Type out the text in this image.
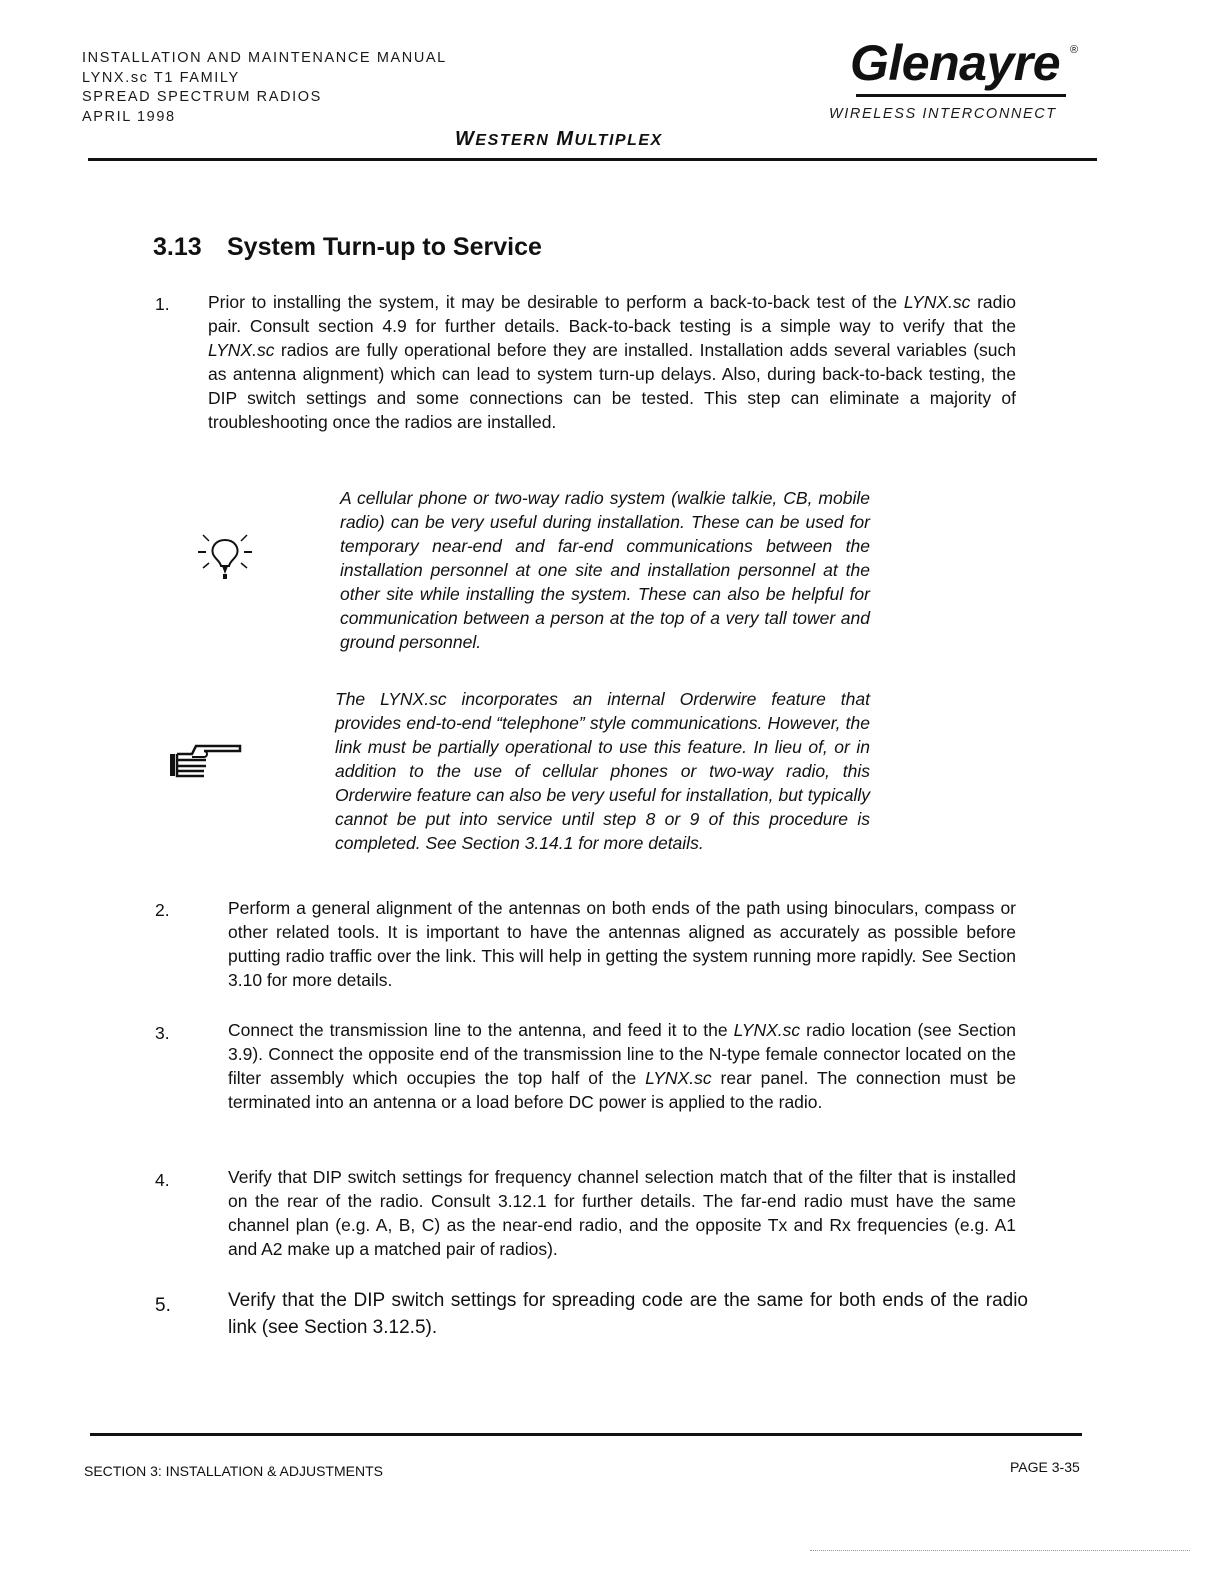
INSTALLATION AND MAINTENANCE MANUAL
LYNX.sc T1 FAMILY
SPREAD SPECTRUM RADIOS
APRIL 1998
Glenayre ®
WIRELESS INTERCONNECT
WESTERN MULTIPLEX
3.13 System Turn-up to Service
1. Prior to installing the system, it may be desirable to perform a back-to-back test of the LYNX.sc radio pair. Consult section 4.9 for further details. Back-to-back testing is a simple way to verify that the LYNX.sc radios are fully operational before they are installed. Installation adds several variables (such as antenna alignment) which can lead to system turn-up delays. Also, during back-to-back testing, the DIP switch settings and some connections can be tested. This step can eliminate a majority of troubleshooting once the radios are installed.
A cellular phone or two-way radio system (walkie talkie, CB, mobile radio) can be very useful during installation. These can be used for temporary near-end and far-end communications between the installation personnel at one site and installation personnel at the other site while installing the system. These can also be helpful for communication between a person at the top of a very tall tower and ground personnel.
The LYNX.sc incorporates an internal Orderwire feature that provides end-to-end “telephone” style communications. However, the link must be partially operational to use this feature. In lieu of, or in addition to the use of cellular phones or two-way radio, this Orderwire feature can also be very useful for installation, but typically cannot be put into service until step 8 or 9 of this procedure is completed. See Section 3.14.1 for more details.
2.	Perform a general alignment of the antennas on both ends of the path using binoculars, compass or other related tools. It is important to have the antennas aligned as accurately as possible before putting radio traffic over the link. This will help in getting the system running more rapidly. See Section 3.10 for more details.
3.	Connect the transmission line to the antenna, and feed it to the LYNX.sc radio location (see Section 3.9). Connect the opposite end of the transmission line to the N-type female connector located on the filter assembly which occupies the top half of the LYNX.sc rear panel. The connection must be terminated into an antenna or a load before DC power is applied to the radio.
4.	Verify that DIP switch settings for frequency channel selection match that of the filter that is installed on the rear of the radio. Consult 3.12.1 for further details. The far-end radio must have the same channel plan (e.g. A, B, C) as the near-end radio, and the opposite Tx and Rx frequencies (e.g. A1 and A2 make up a matched pair of radios).
5.	Verify that the DIP switch settings for spreading code are the same for both ends of the radio link (see Section 3.12.5).
SECTION 3: INSTALLATION & ADJUSTMENTS	PAGE 3-35
